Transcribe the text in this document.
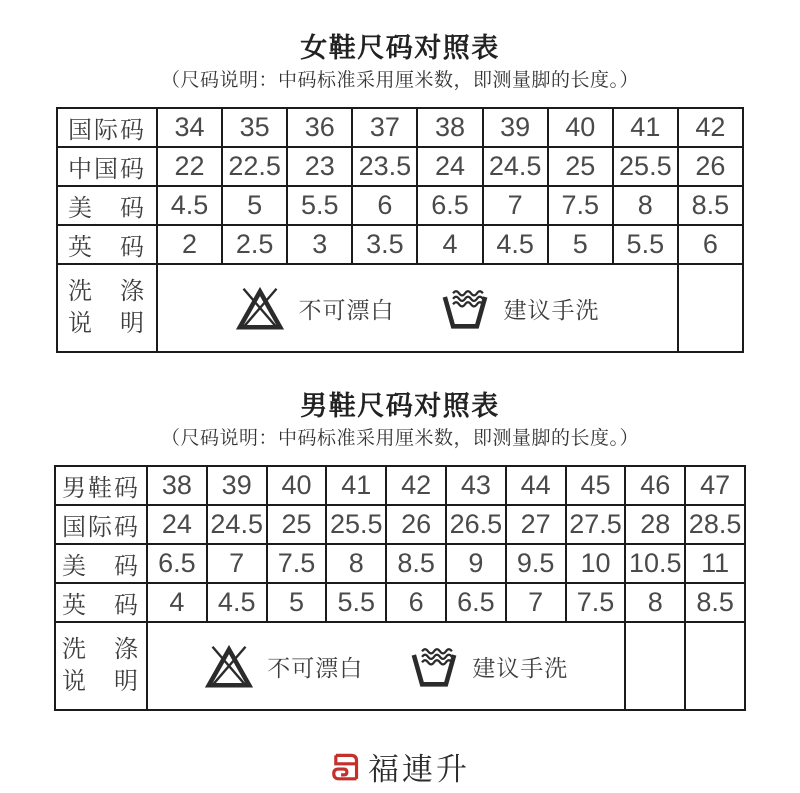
女鞋尺码对照表

（尺码说明：中码标准采用厘米数，即测量脚的长度。）

国际码	34	35	36	37	38	39	40	41	42
中国码	22	22.5	23	23.5	24	24.5	25	25.5	26
美　码	4.5	5	5.5	6	6.5	7	7.5	8	8.5
英　码	2	2.5	3	3.5	4	4.5	5	5.5	6

洗　涤
说　明

不可漂白	建议手洗

男鞋尺码对照表

（尺码说明：中码标准采用厘米数，即测量脚的长度。）

男鞋码	38	39	40	41	42	43	44	45	46	47
国际码	24	24.5	25	25.5	26	26.5	27	27.5	28	28.5
美　码	6.5	7	7.5	8	8.5	9	9.5	10	10.5	11
英　码	4	4.5	5	5.5	6	6.5	7	7.5	8	8.5

洗　涤
说　明

不可漂白	建议手洗

福連升
